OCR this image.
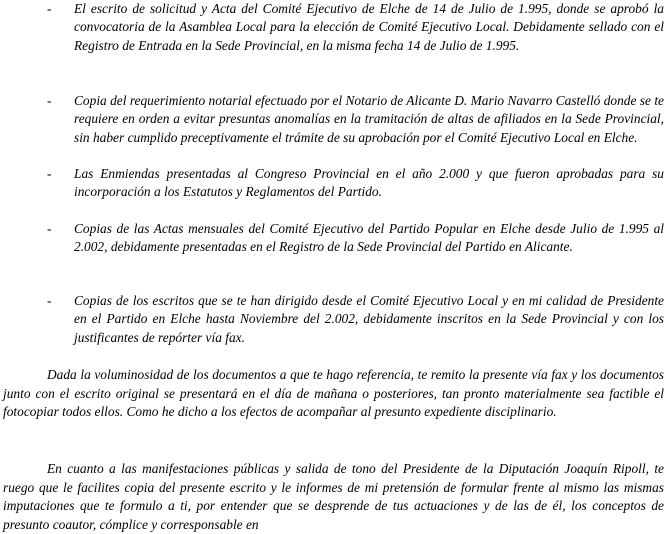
- El escrito de solicitud y Acta del Comité Ejecutivo de Elche de 14 de Julio de 1.995, donde se aprobó la convocatoria de la Asamblea Local para la elección de Comité Ejecutivo Local. Debidamente sellado con el Registro de Entrada en la Sede Provincial, en la misma fecha 14 de Julio de 1.995.
- Copia del requerimiento notarial efectuado por el Notario de Alicante D. Mario Navarro Castelló donde se te requiere en orden a evitar presuntas anomalías en la tramitación de altas de afiliados en la Sede Provincial, sin haber cumplido preceptivamente el trámite de su aprobación por el Comité Ejecutivo Local en Elche.
- Las Enmiendas presentadas al Congreso Provincial en el año 2.000 y que fueron aprobadas para su incorporación a los Estatutos y Reglamentos del Partido.
- Copias de las Actas mensuales del Comité Ejecutivo del Partido Popular en Elche desde Julio de 1.995 al 2.002, debidamente presentadas en el Registro de la Sede Provincial del Partido en Alicante.
- Copias de los escritos que se te han dirigido desde el Comité Ejecutivo Local y en mi calidad de Presidente en el Partido en Elche hasta Noviembre del 2.002, debidamente inscritos en la Sede Provincial y con los justificantes de repórter vía fax.
Dada la voluminosidad de los documentos a que te hago referencia, te remito la presente vía fax y los documentos junto con el escrito original se presentará en el día de mañana o posteriores, tan pronto materialmente sea factible el fotocopiar todos ellos. Como he dicho a los efectos de acompañar al presunto expediente disciplinario.
En cuanto a las manifestaciones públicas y salida de tono del Presidente de la Diputación Joaquín Ripoll, te ruego que le facilites copia del presente escrito y le informes de mi pretensión de formular frente al mismo las mismas imputaciones que te formulo a ti, por entender que se desprende de tus actuaciones y de las de él, los conceptos de presunto coautor, cómplice y corresponsable en
